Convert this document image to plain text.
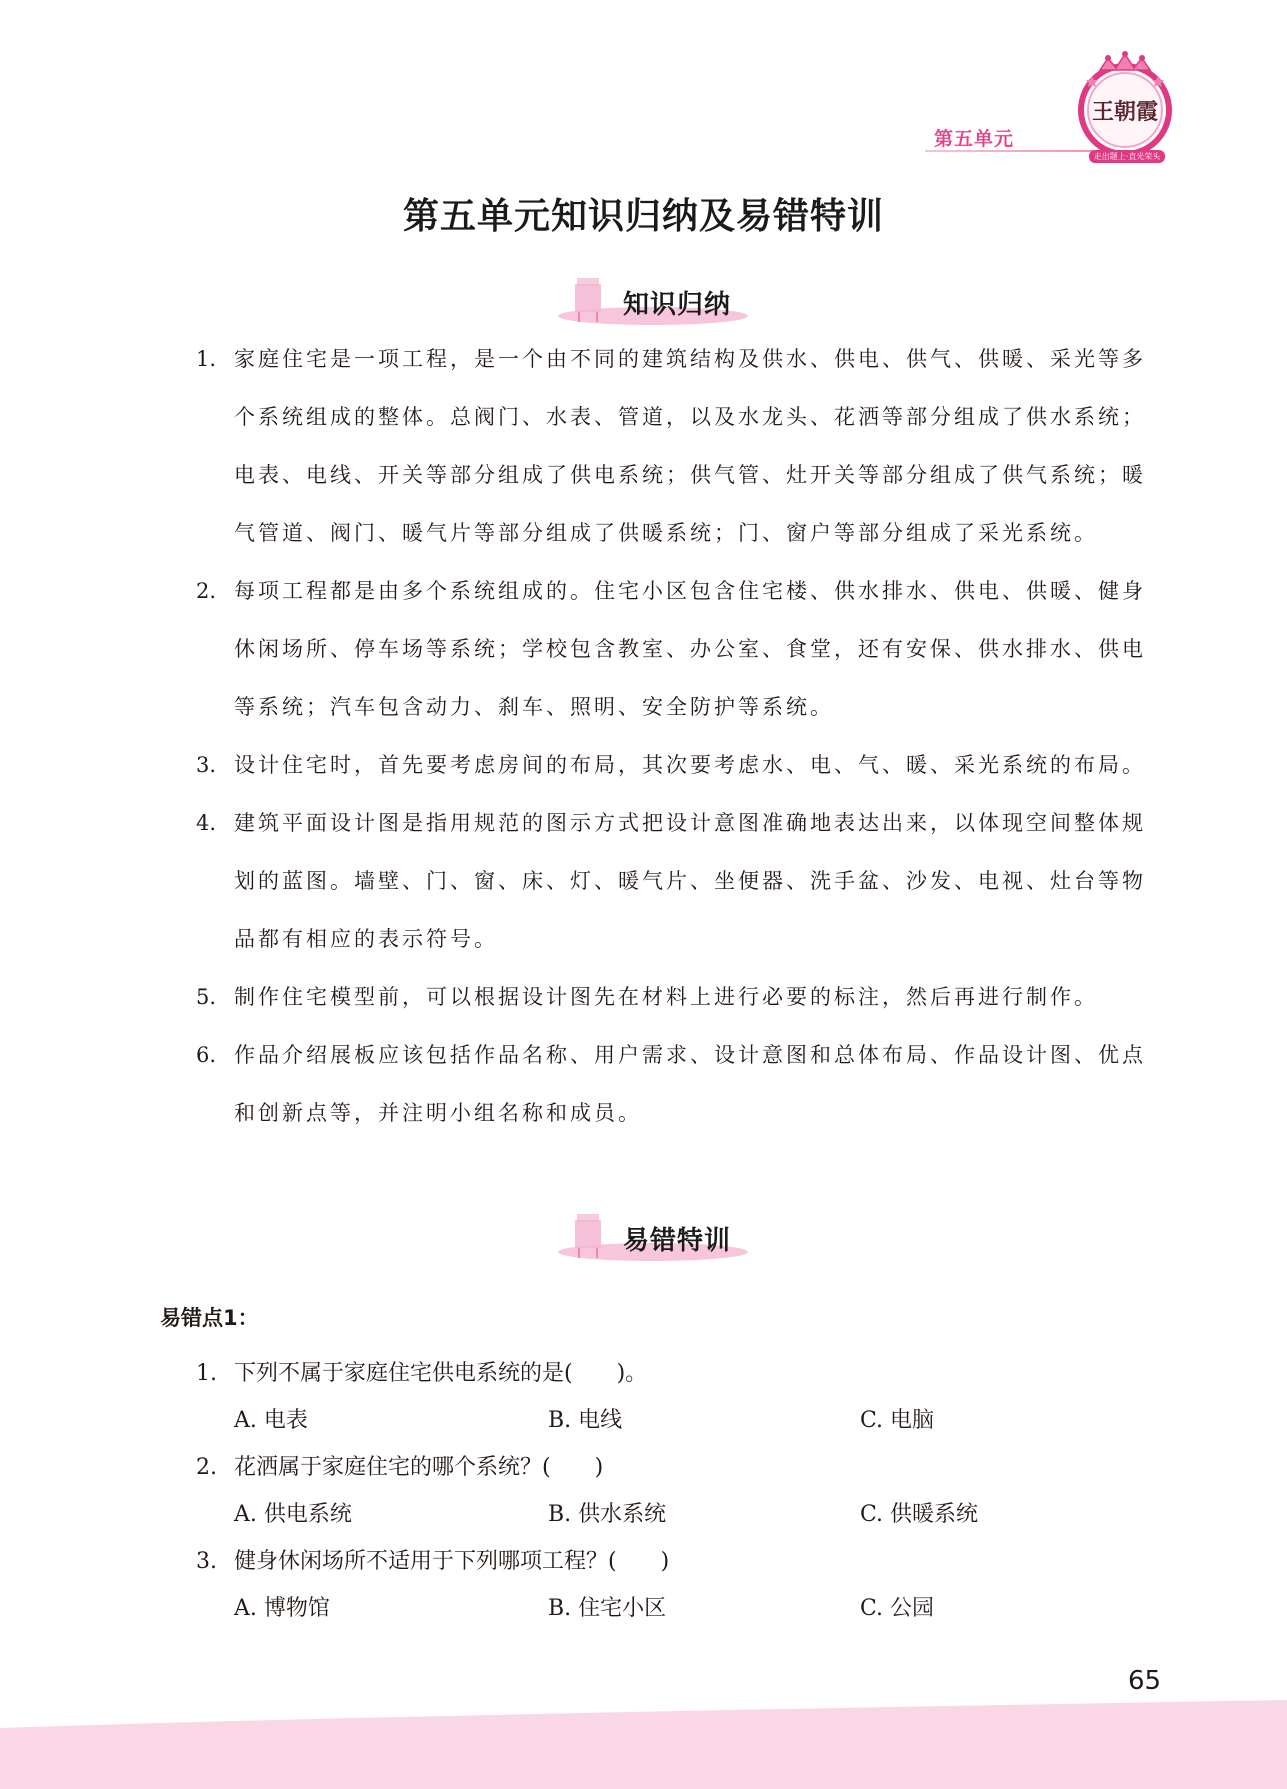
第五单元
王朝霞
走出题上·直光荣头
第五单元知识归纳及易错特训
知识归纳
1. 家庭住宅是一项工程，是一个由不同的建筑结构及供水、供电、供气、供暖、采光等多个系统组成的整体。总阀门、水表、管道，以及水龙头、花洒等部分组成了供水系统；电表、电线、开关等部分组成了供电系统；供气管、灶开关等部分组成了供气系统；暖气管道、阀门、暖气片等部分组成了供暖系统；门、窗户等部分组成了采光系统。
2. 每项工程都是由多个系统组成的。住宅小区包含住宅楼、供水排水、供电、供暖、健身休闲场所、停车场等系统；学校包含教室、办公室、食堂，还有安保、供水排水、供电等系统；汽车包含动力、刹车、照明、安全防护等系统。
3. 设计住宅时，首先要考虑房间的布局，其次要考虑水、电、气、暖、采光系统的布局。
4. 建筑平面设计图是指用规范的图示方式把设计意图准确地表达出来，以体现空间整体规划的蓝图。墙壁、门、窗、床、灯、暖气片、坐便器、洗手盆、沙发、电视、灶台等物品都有相应的表示符号。
5. 制作住宅模型前，可以根据设计图先在材料上进行必要的标注，然后再进行制作。
6. 作品介绍展板应该包括作品名称、用户需求、设计意图和总体布局、作品设计图、优点和创新点等，并注明小组名称和成员。
易错特训
易错点1：
1. 下列不属于家庭住宅供电系统的是(　　)。
A. 电表	B. 电线	C. 电脑
2. 花洒属于家庭住宅的哪个系统？(　　)
A. 供电系统	B. 供水系统	C. 供暖系统
3. 健身休闲场所不适用于下列哪项工程？(　　)
A. 博物馆	B. 住宅小区	C. 公园
65
